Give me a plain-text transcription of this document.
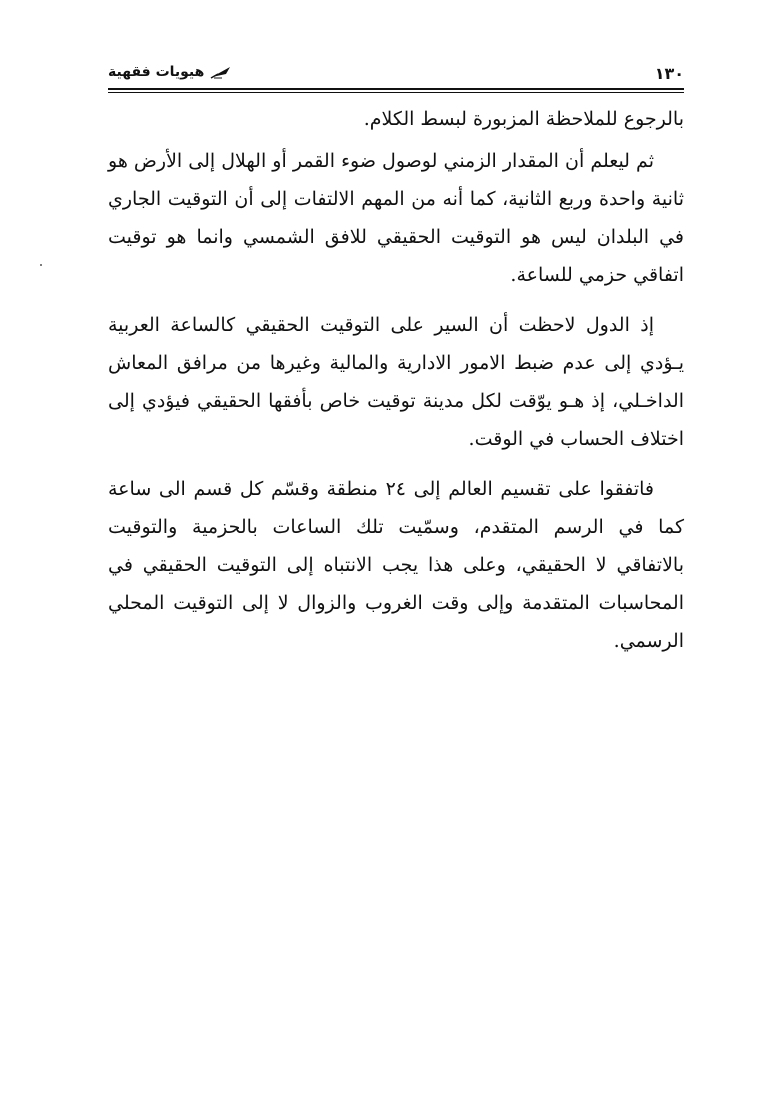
١٣٠
هيويات فقهية

بالرجوع للملاحظة المزبورة لبسط الكلام.

ثم ليعلم أن المقدار الزمني لوصول ضوء القمر أو الهلال إلى الأرض هو ثانية واحدة وربع الثانية، كما أنه من المهم الالتفات إلى أن التوقيت الجاري في البلدان ليس هو التوقيت الحقيقي للافق الشمسي وانما هو توقيت اتفاقي حزمي للساعة.

إذ الدول لاحظت أن السير على التوقيت الحقيقي كالساعة العربية يـؤدي إلى عدم ضبط الامور الادارية والمالية وغيرها من مرافق المعاش الداخـلي، إذ هـو يوّقت لكل مدينة توقيت خاص بأفقها الحقيقي فيؤدي إلى اختلاف الحساب في الوقت.

فاتفقوا على تقسيم العالم إلى ٢٤ منطقة وقسّم كل قسم الى ساعة كما في الرسم المتقدم، وسمّيت تلك الساعات بالحزمية والتوقيت بالاتفاقي لا الحقيقي، وعلى هذا يجب الانتباه إلى التوقيت الحقيقي في المحاسبات المتقدمة وإلى وقت الغروب والزوال لا إلى التوقيت المحلي الرسمي.
